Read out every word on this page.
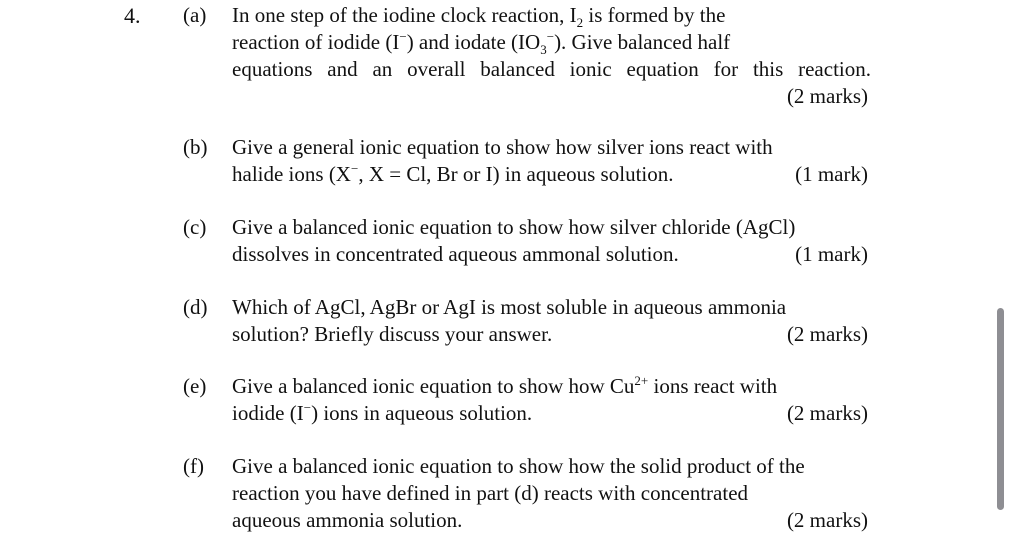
4. (a) In one step of the iodine clock reaction, $I_2$ is formed by the
reaction of iodide (I−) and iodate $(IO_3^-)$. Give balanced half
equations and an overall balanced ionic equation for this reaction.
(2 marks)
(b) Give a general ionic equation to show how silver ions react with
halide ions (X−, X = Cl, Br or I) in aqueous solution.	(1 mark)
(c) Give a balanced ionic equation to show how silver chloride (AgCl)
dissolves in concentrated aqueous ammonal solution.	(1 mark)
(d) Which of AgCl, AgBr or AgI is most soluble in aqueous ammonia
solution? Briefly discuss your answer.	(2 marks)
(e) Give a balanced ionic equation to show how $Cu^{2+}$ ions react with
iodide (I−) ions in aqueous solution.	(2 marks)
(f) Give a balanced ionic equation to show how the solid product of the
reaction you have defined in part (d) reacts with concentrated
aqueous ammonia solution.	(2 marks)
